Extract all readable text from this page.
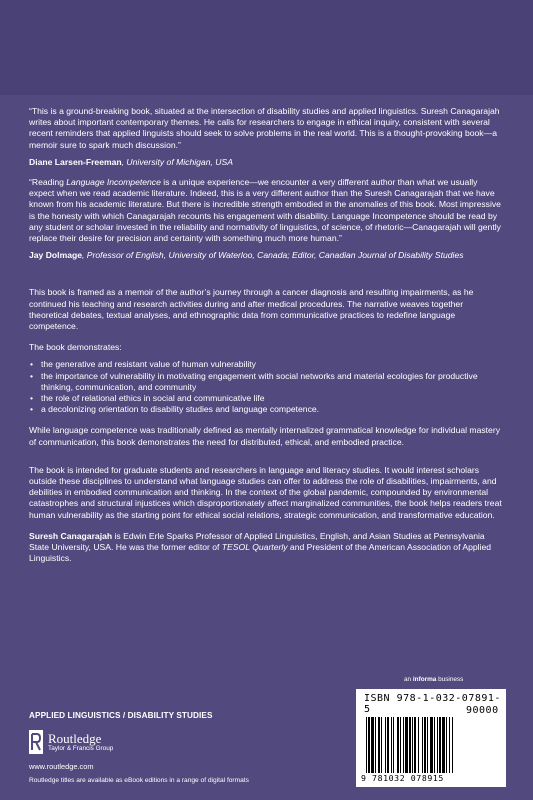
“This is a ground-breaking book, situated at the intersection of disability studies and applied linguistics. Suresh Canagarajah writes about important contemporary themes. He calls for researchers to engage in ethical inquiry, consistent with several recent reminders that applied linguists should seek to solve problems in the real world. This is a thought-provoking book—a memoir sure to spark much discussion.”

Diane Larsen-Freeman, University of Michigan, USA

“Reading Language Incompetence is a unique experience—we encounter a very different author than what we usually expect when we read academic literature. Indeed, this is a very different author than the Suresh Canagarajah that we have known from his academic literature. But there is incredible strength embodied in the anomalies of this book. Most impressive is the honesty with which Canagarajah recounts his engagement with disability. Language Incompetence should be read by any student or scholar invested in the reliability and normativity of linguistics, of science, of rhetoric—Canagarajah will gently replace their desire for precision and certainty with something much more human.”

Jay Dolmage, Professor of English, University of Waterloo, Canada; Editor, Canadian Journal of Disability Studies

This book is framed as a memoir of the author’s journey through a cancer diagnosis and resulting impairments, as he continued his teaching and research activities during and after medical procedures. The narrative weaves together theoretical debates, textual analyses, and ethnographic data from communicative practices to redefine language competence.

The book demonstrates:

• the generative and resistant value of human vulnerability
• the importance of vulnerability in motivating engagement with social networks and material ecologies for productive thinking, communication, and community
• the role of relational ethics in social and communicative life
• a decolonizing orientation to disability studies and language competence.

While language competence was traditionally defined as mentally internalized grammatical knowledge for individual mastery of communication, this book demonstrates the need for distributed, ethical, and embodied practice.

The book is intended for graduate students and researchers in language and literacy studies. It would interest scholars outside these disciplines to understand what language studies can offer to address the role of disabilities, impairments, and debilities in embodied communication and thinking. In the context of the global pandemic, compounded by environmental catastrophes and structural injustices which disproportionately affect marginalized communities, the book helps readers treat human vulnerability as the starting point for ethical social relations, strategic communication, and transformative education.

Suresh Canagarajah is Edwin Erle Sparks Professor of Applied Linguistics, English, and Asian Studies at Pennsylvania State University, USA. He was the former editor of TESOL Quarterly and President of the American Association of Applied Linguistics.

an informa business
APPLIED LINGUISTICS / DISABILITY STUDIES
Routledge
Taylor & Francis Group
www.routledge.com
Routledge titles are available as eBook editions in a range of digital formats
ISBN 978-1-032-07891-5	90000
9 781032 078915
